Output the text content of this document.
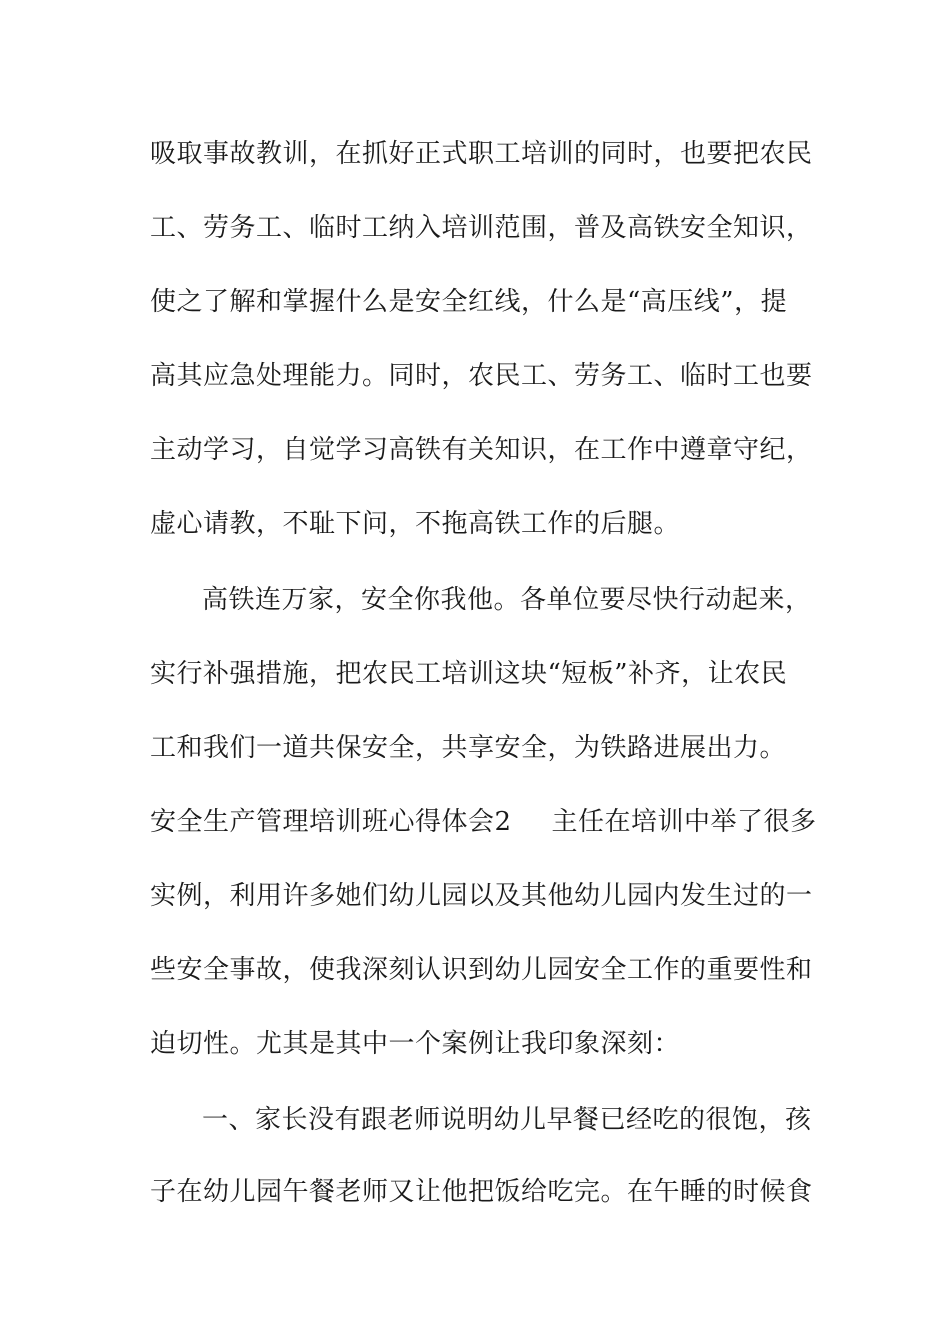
吸取事故教训，在抓好正式职工培训的同时，也要把农民
工、劳务工、临时工纳入培训范围，普及高铁安全知识，
使之了解和掌握什么是安全红线，什么是“高压线”，提
高其应急处理能力。同时，农民工、劳务工、临时工也要
主动学习，自觉学习高铁有关知识，在工作中遵章守纪，
虚心请教，不耻下问，不拖高铁工作的后腿。
高铁连万家，安全你我他。各单位要尽快行动起来，
实行补强措施，把农民工培训这块“短板”补齐，让农民
工和我们一道共保安全，共享安全，为铁路进展出力。
安全生产管理培训班心得体会2 主任在培训中举了很多
实例，利用许多她们幼儿园以及其他幼儿园内发生过的一
些安全事故，使我深刻认识到幼儿园安全工作的重要性和
迫切性。尤其是其中一个案例让我印象深刻：
一、家长没有跟老师说明幼儿早餐已经吃的很饱，孩
子在幼儿园午餐老师又让他把饭给吃完。在午睡的时候食
